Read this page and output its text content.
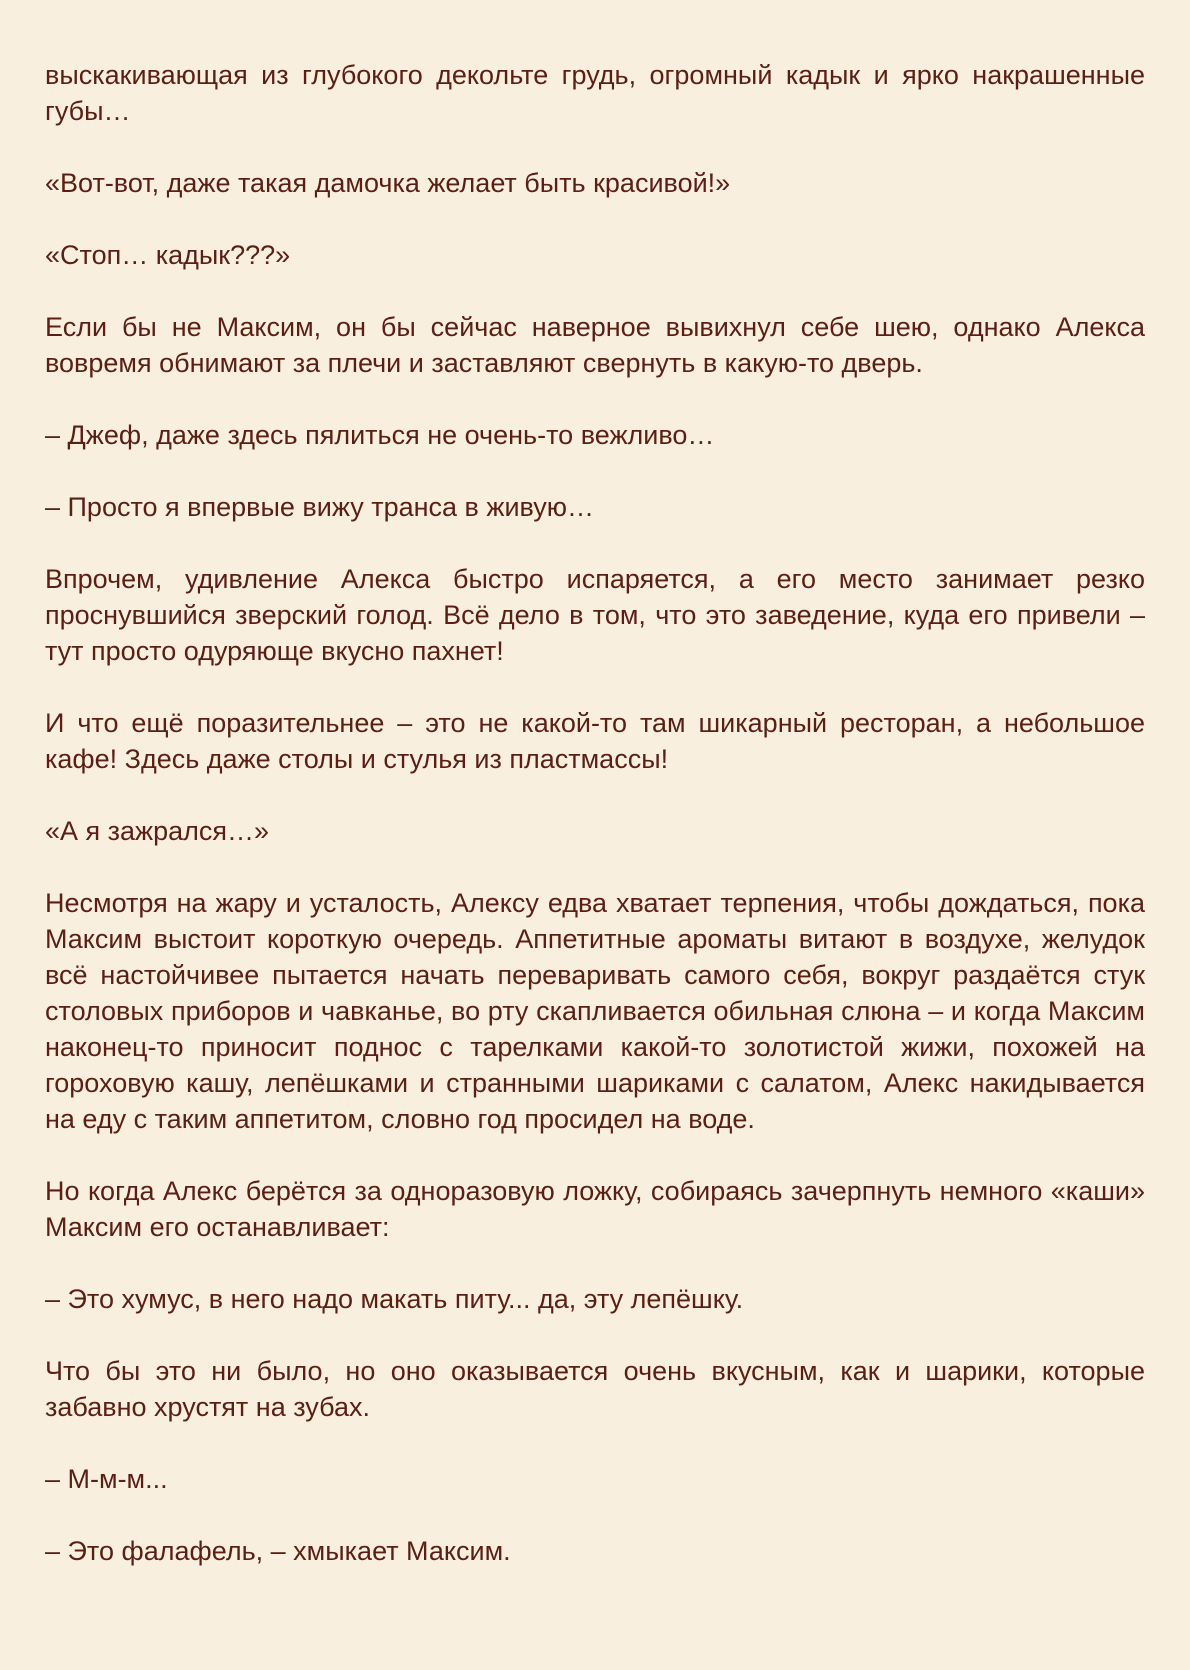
выскакивающая из глубокого декольте грудь, огромный кадык и ярко накрашенные губы…

«Вот-вот, даже такая дамочка желает быть красивой!»

«Стоп… кадык???»

Если бы не Максим, он бы сейчас наверное вывихнул себе шею, однако Алекса вовремя обнимают за плечи и заставляют свернуть в какую-то дверь.

– Джеф, даже здесь пялиться не очень-то вежливо…

– Просто я впервые вижу транса в живую…

Впрочем, удивление Алекса быстро испаряется, а его место занимает резко проснувшийся зверский голод. Всё дело в том, что это заведение, куда его привели – тут просто одуряюще вкусно пахнет!

И что ещё поразительнее – это не какой-то там шикарный ресторан, а небольшое кафе! Здесь даже столы и стулья из пластмассы!

«А я зажрался…»

Несмотря на жару и усталость, Алексу едва хватает терпения, чтобы дождаться, пока Максим выстоит короткую очередь. Аппетитные ароматы витают в воздухе, желудок всё настойчивее пытается начать переваривать самого себя, вокруг раздаётся стук столовых приборов и чавканье, во рту скапливается обильная слюна – и когда Максим наконец-то приносит поднос с тарелками какой-то золотистой жижи, похожей на гороховую кашу, лепёшками и странными шариками с салатом, Алекс накидывается на еду с таким аппетитом, словно год просидел на воде.

Но когда Алекс берётся за одноразовую ложку, собираясь зачерпнуть немного «каши» Максим его останавливает:

– Это хумус, в него надо макать питу... да, эту лепёшку.

Что бы это ни было, но оно оказывается очень вкусным, как и шарики, которые забавно хрустят на зубах.

– М-м-м...

– Это фалафель, – хмыкает Максим.
